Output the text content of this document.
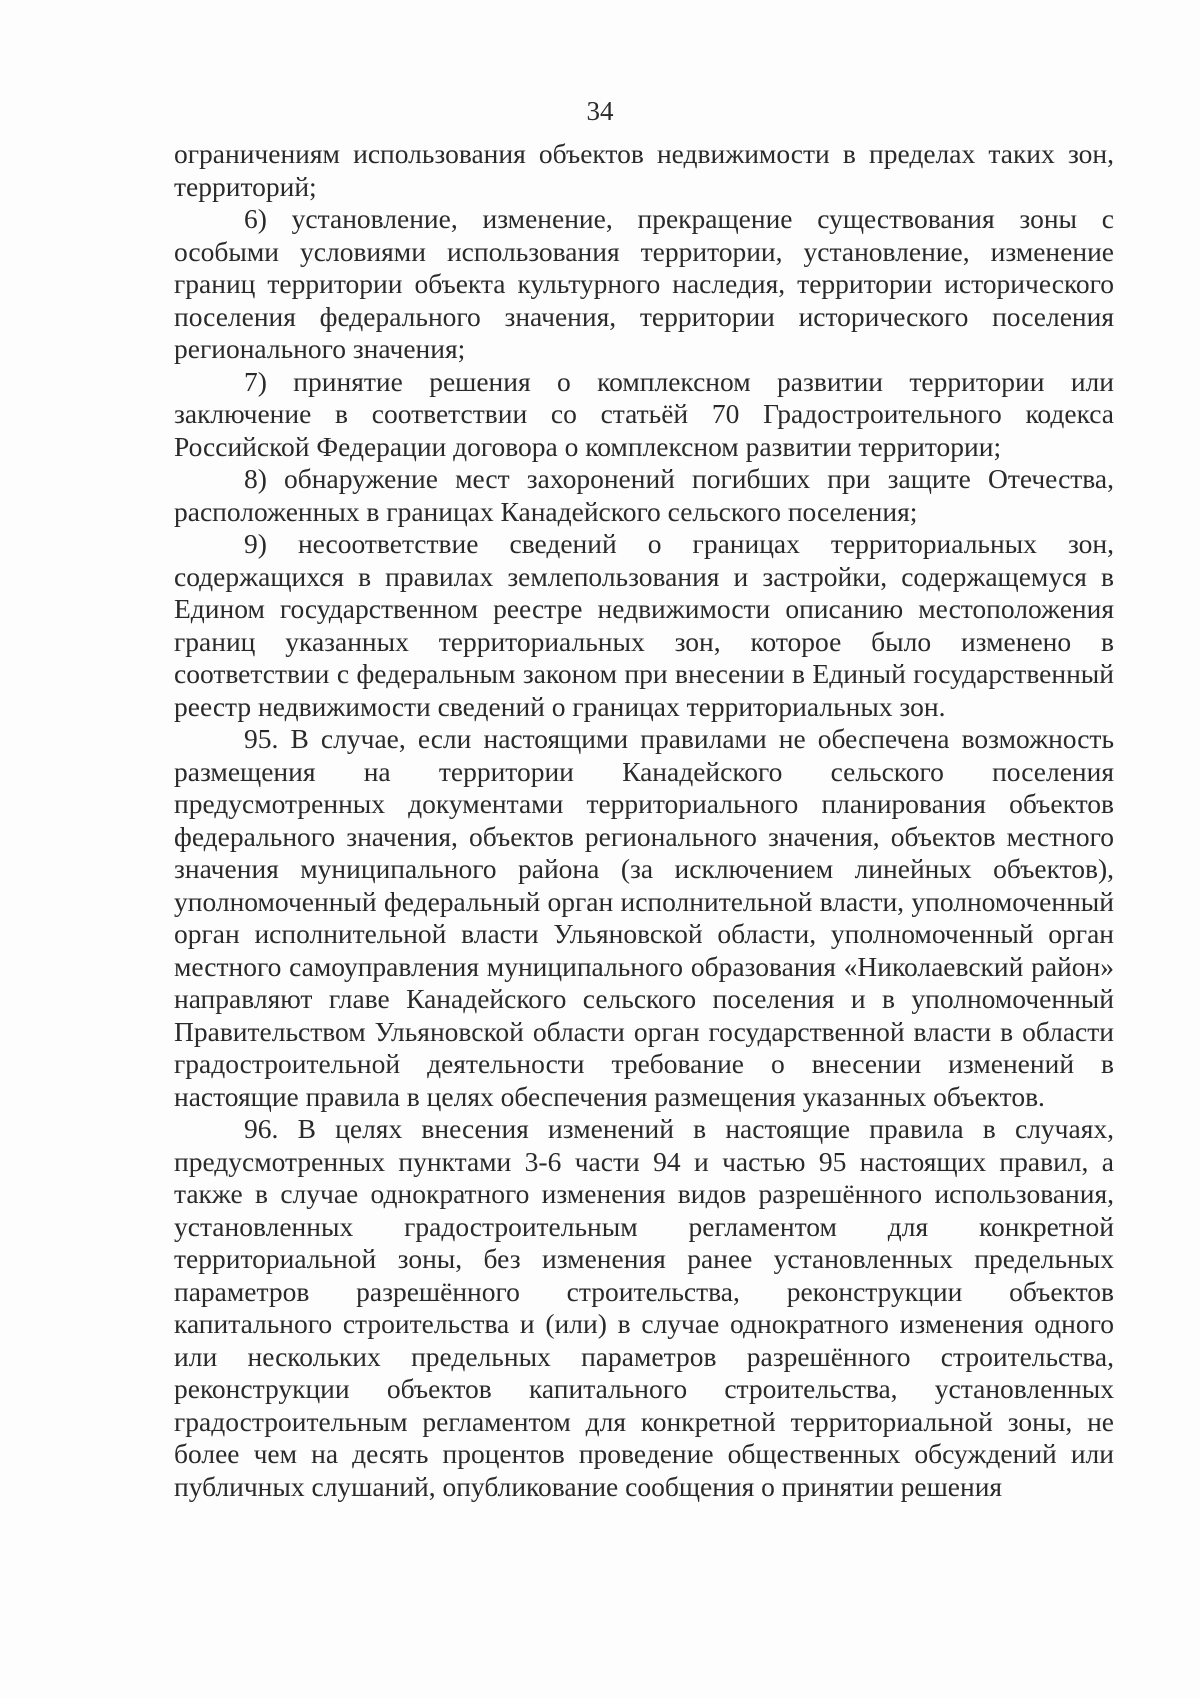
34

ограничениям использования объектов недвижимости в пределах таких зон, территорий;

6) установление, изменение, прекращение существования зоны с особыми условиями использования территории, установление, изменение границ территории объекта культурного наследия, территории исторического поселения федерального значения, территории исторического поселения регионального значения;

7) принятие решения о комплексном развитии территории или заключение в соответствии со статьёй 70 Градостроительного кодекса Российской Федерации договора о комплексном развитии территории;

8) обнаружение мест захоронений погибших при защите Отечества, расположенных в границах Канадейского сельского поселения;

9) несоответствие сведений о границах территориальных зон, содержащихся в правилах землепользования и застройки, содержащемуся в Едином государственном реестре недвижимости описанию местоположения границ указанных территориальных зон, которое было изменено в соответствии с федеральным законом при внесении в Единый государственный реестр недвижимости сведений о границах территориальных зон.

95. В случае, если настоящими правилами не обеспечена возможность размещения на территории Канадейского сельского поселения предусмотренных документами территориального планирования объектов федерального значения, объектов регионального значения, объектов местного значения муниципального района (за исключением линейных объектов), уполномоченный федеральный орган исполнительной власти, уполномоченный орган исполнительной власти Ульяновской области, уполномоченный орган местного самоуправления муниципального образования «Николаевский район» направляют главе Канадейского сельского поселения и в уполномоченный Правительством Ульяновской области орган государственной власти в области градостроительной деятельности требование о внесении изменений в настоящие правила в целях обеспечения размещения указанных объектов.

96. В целях внесения изменений в настоящие правила в случаях, предусмотренных пунктами 3-6 части 94 и частью 95 настоящих правил, а также в случае однократного изменения видов разрешённого использования, установленных градостроительным регламентом для конкретной территориальной зоны, без изменения ранее установленных предельных параметров разрешённого строительства, реконструкции объектов капитального строительства и (или) в случае однократного изменения одного или нескольких предельных параметров разрешённого строительства, реконструкции объектов капитального строительства, установленных градостроительным регламентом для конкретной территориальной зоны, не более чем на десять процентов проведение общественных обсуждений или публичных слушаний, опубликование сообщения о принятии решения
